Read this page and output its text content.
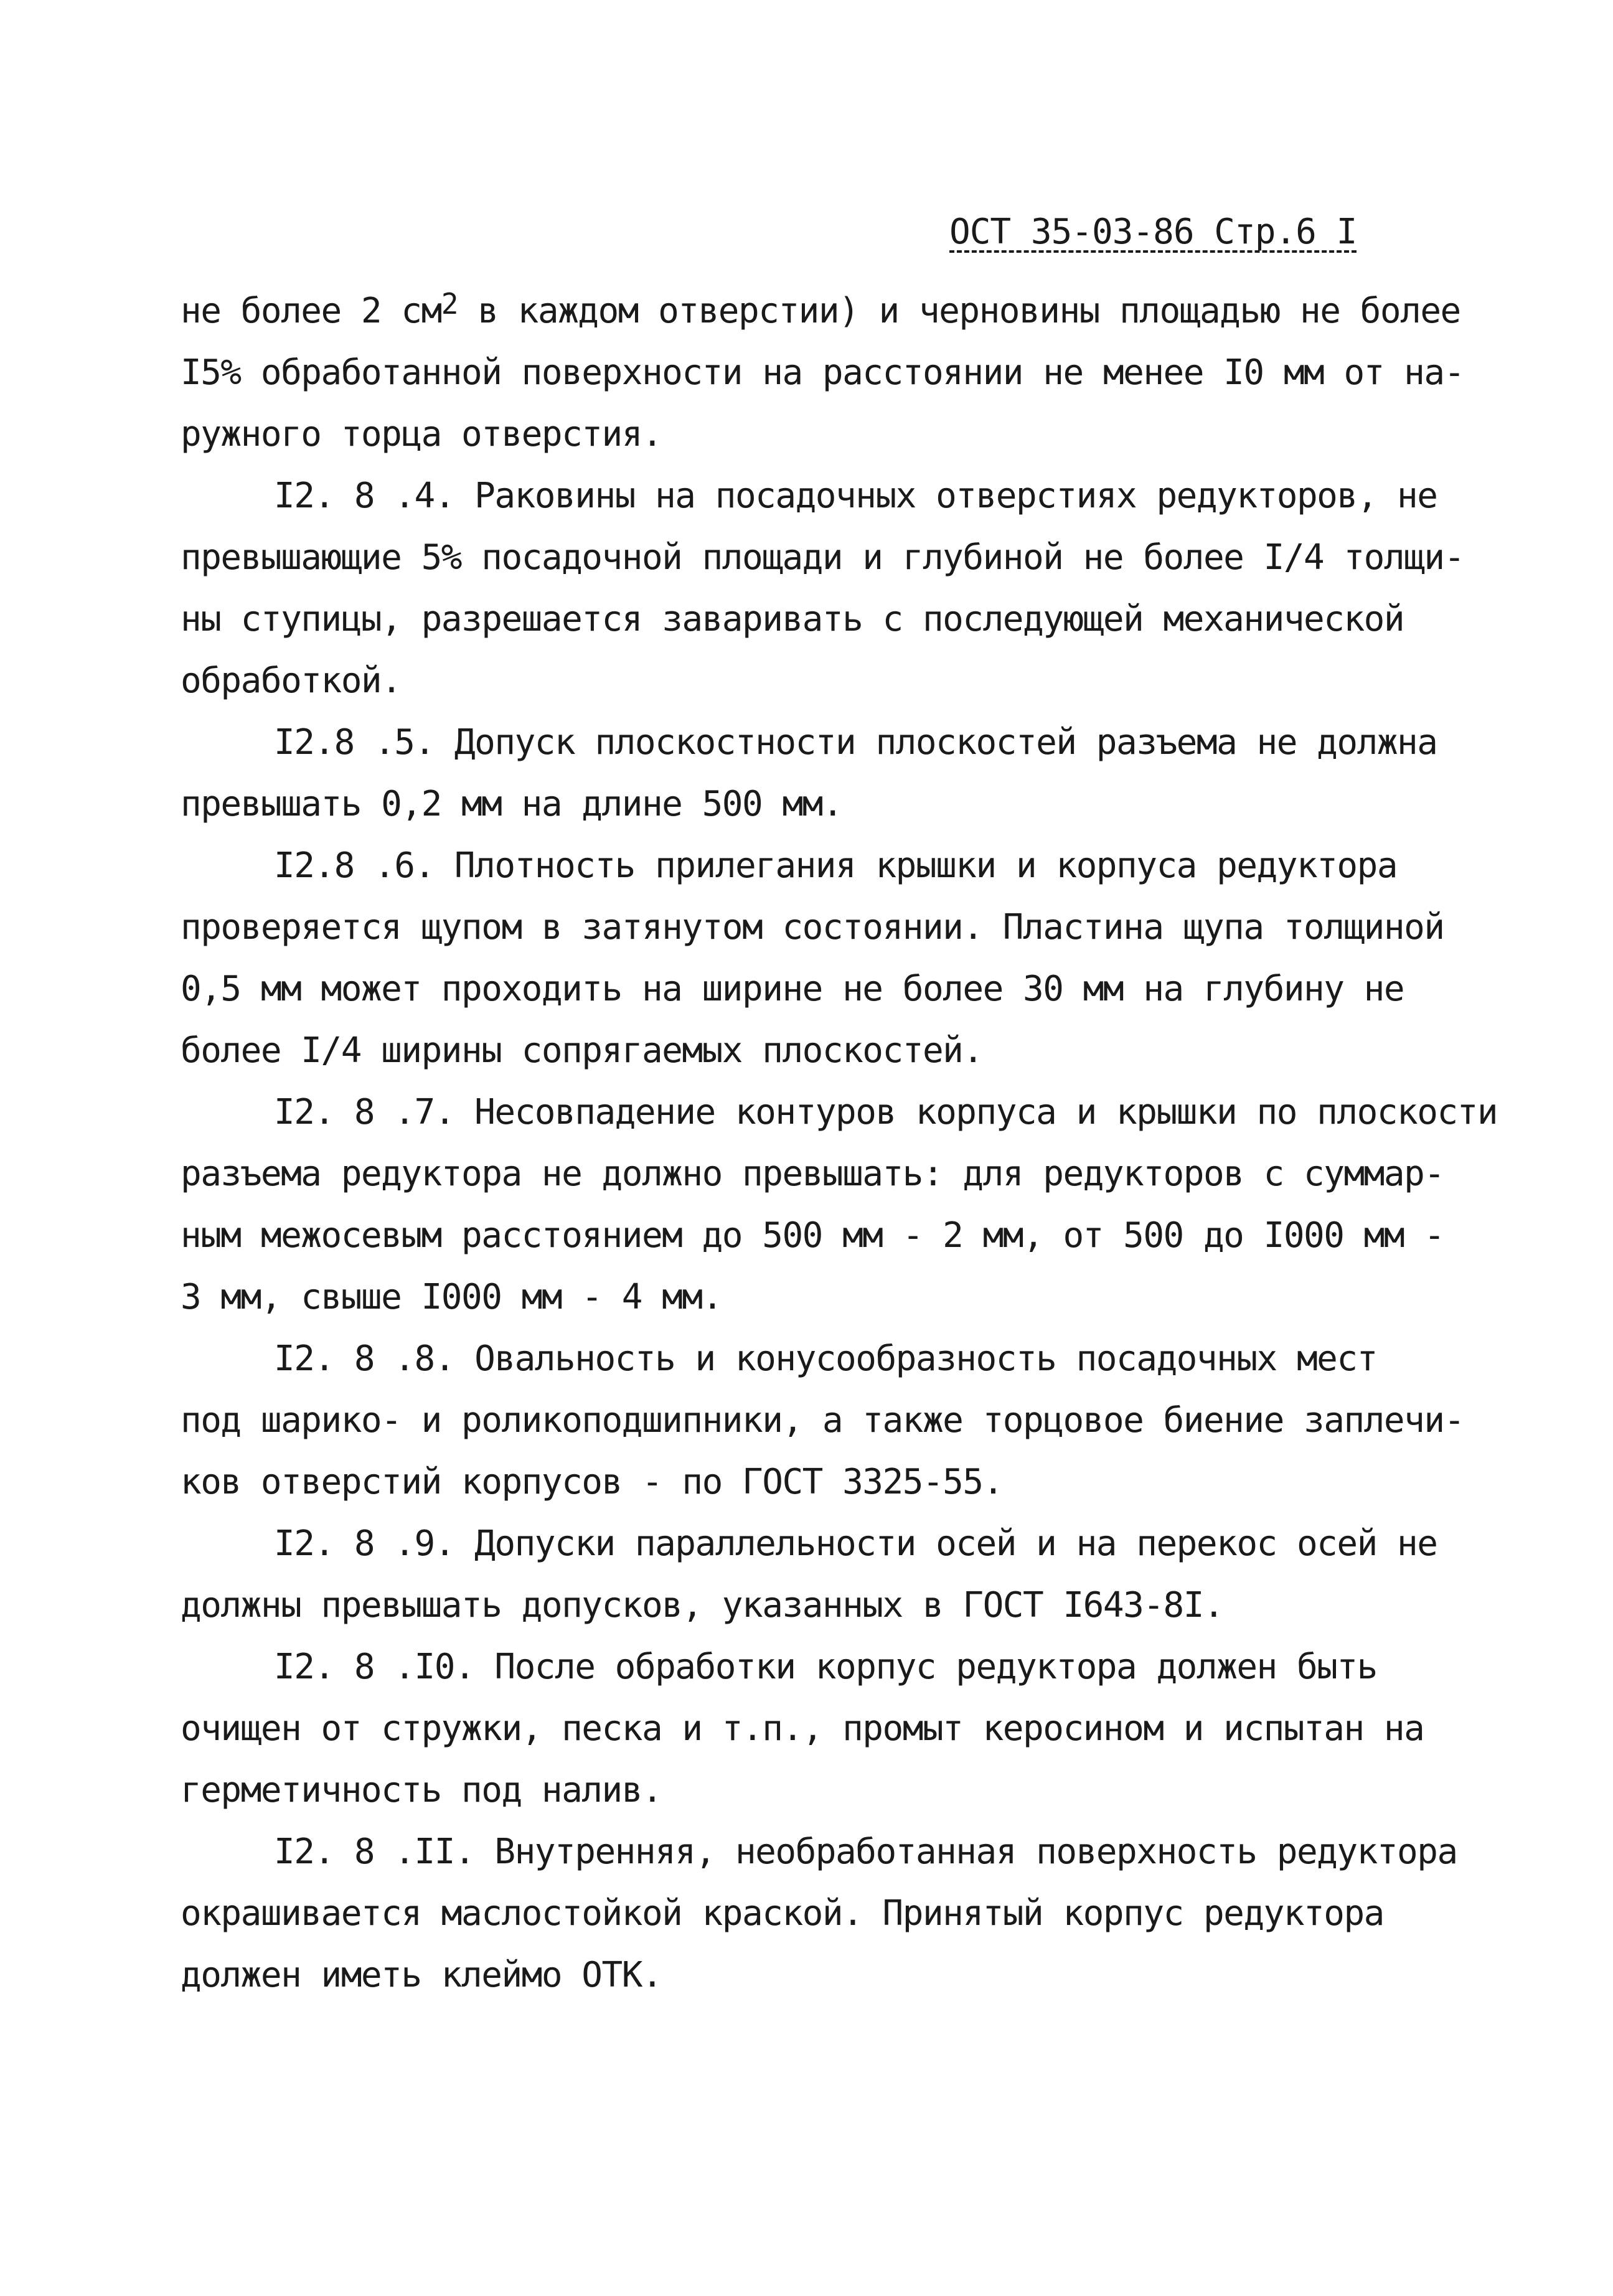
ОСТ 35-03-86 Стр.6 I
не более 2 $см^2$ в каждом отверстии) и черновины площадью не более
I5% обработанной поверхности на расстоянии не менее I0 мм от на-
ружного торца отверстия.
I2. 8 .4. Раковины на посадочных отверстиях редукторов, не
превышающие 5% посадочной площади и глубиной не более I/4 толщи-
ны ступицы, разрешается заваривать с последующей механической
обработкой.
I2.8 .5. Допуск плоскостности плоскостей разъема не должна
превышать 0,2 мм на длине 500 мм.
I2.8 .6. Плотность прилегания крышки и корпуса редуктора
проверяется щупом в затянутом состоянии. Пластина щупа толщиной
0,5 мм может проходить на ширине не более 30 мм на глубину не
более I/4 ширины сопрягаемых плоскостей.
I2. 8 .7. Несовпадение контуров корпуса и крышки по плоскости
разъема редуктора не должно превышать: для редукторов с суммар-
ным межосевым расстоянием до 500 мм - 2 мм, от 500 до I000 мм -
3 мм, свыше I000 мм - 4 мм.
I2. 8 .8. Овальность и конусообразность посадочных мест
под шарико- и роликоподшипники, а также торцовое биение заплечи-
ков отверстий корпусов - по ГОСТ 3325-55.
I2. 8 .9. Допуски параллельности осей и на перекос осей не
должны превышать допусков, указанных в ГОСТ I643-8I.
I2. 8 .I0. После обработки корпус редуктора должен быть
очищен от стружки, песка и т.п., промыт керосином и испытан на
герметичность под налив.
I2. 8 .II. Внутренняя, необработанная поверхность редуктора
окрашивается маслостойкой краской. Принятый корпус редуктора
должен иметь клеймо ОТК.
